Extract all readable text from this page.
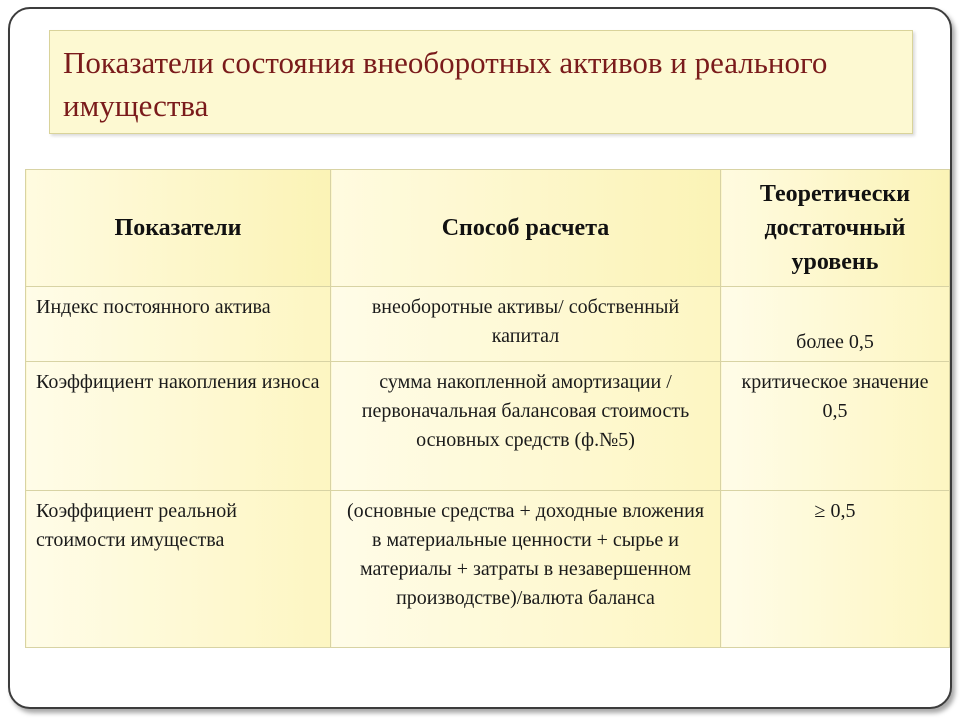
Показатели состояния внеоборотных активов и реального имущества
Показатели	Способ расчета	Теоретически достаточный уровень
Индекс постоянного актива	внеоборотные активы/ собственный капитал	более 0,5
Коэффициент накопления износа	сумма накопленной амортизации / первоначальная балансовая стоимость основных средств (ф.№5)	критическое значение 0,5
Коэффициент реальной стоимости имущества	(основные средства + доходные вложения в материальные ценности + сырье и материалы + затраты в незавершенном производстве)/валюта баланса	≥ 0,5
